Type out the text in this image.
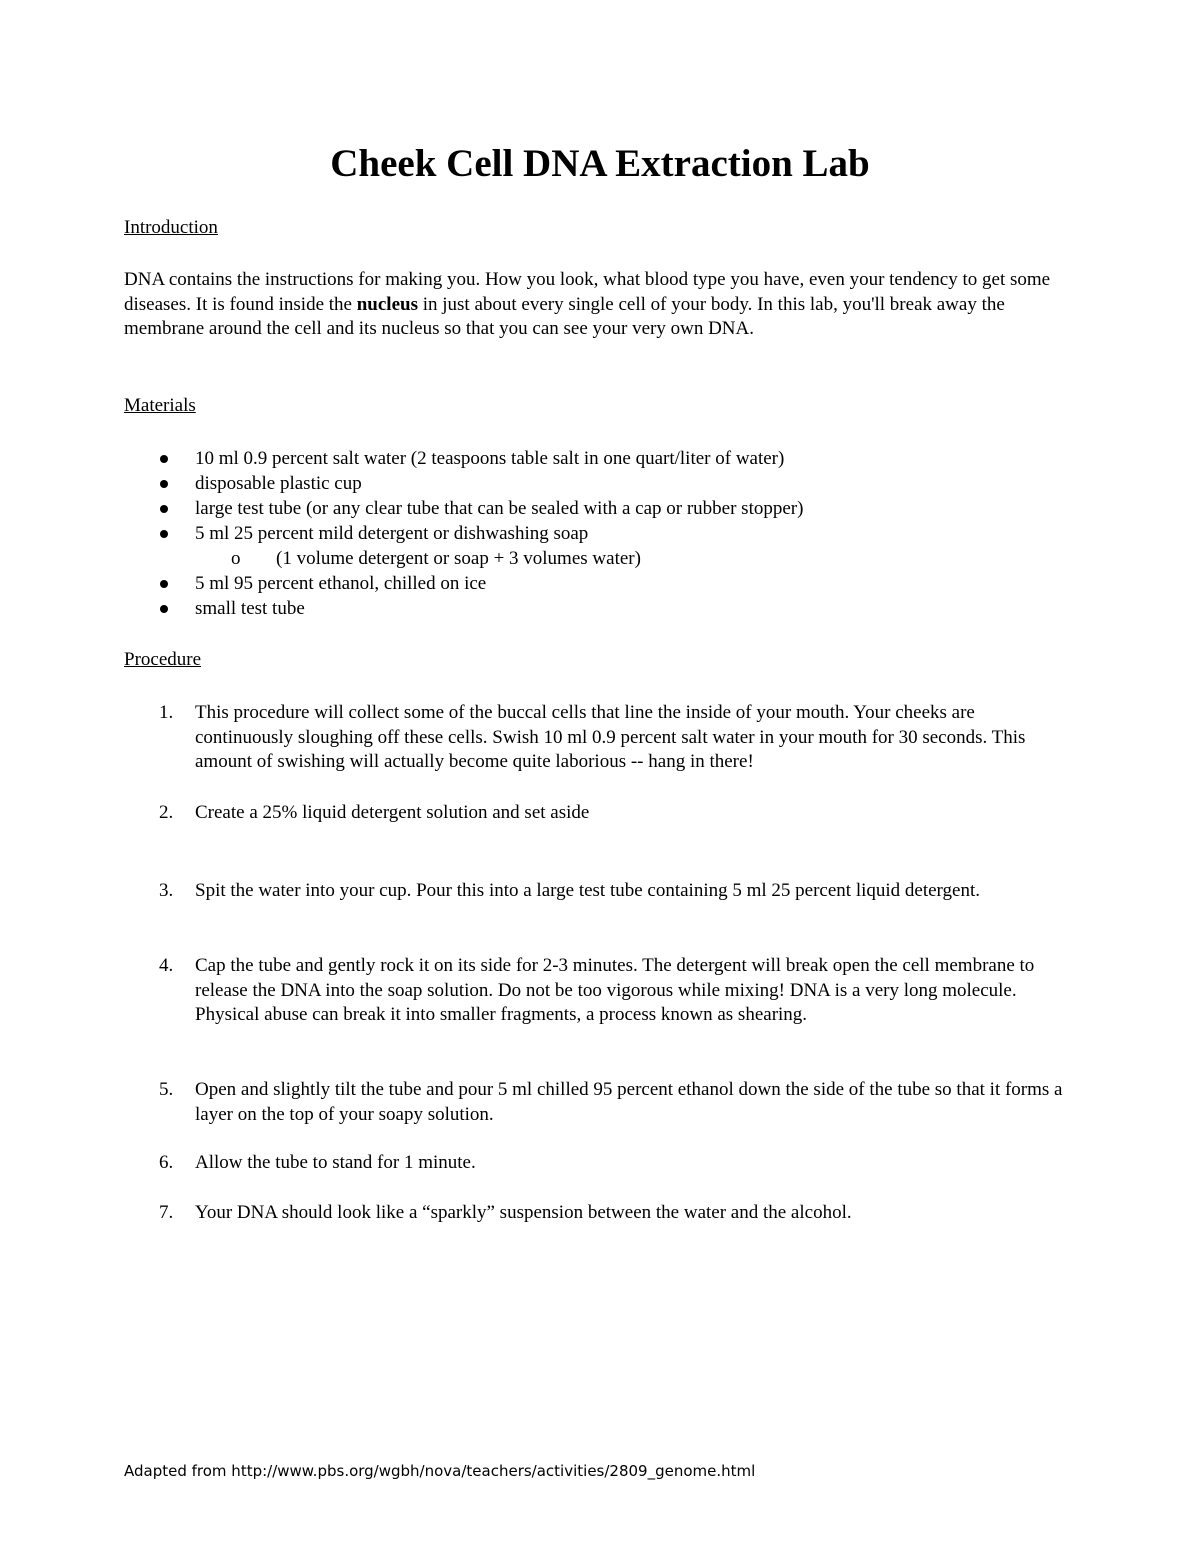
Cheek Cell DNA Extraction Lab

Introduction

DNA contains the instructions for making you. How you look, what blood type you have, even your tendency to get some diseases. It is found inside the nucleus in just about every single cell of your body. In this lab, you'll break away the membrane around the cell and its nucleus so that you can see your very own DNA.

Materials

10 ml 0.9 percent salt water (2 teaspoons table salt in one quart/liter of water)
disposable plastic cup
large test tube (or any clear tube that can be sealed with a cap or rubber stopper)
5 ml 25 percent mild detergent or dishwashing soap
o (1 volume detergent or soap + 3 volumes water)
5 ml 95 percent ethanol, chilled on ice
small test tube

Procedure

1. This procedure will collect some of the buccal cells that line the inside of your mouth. Your cheeks are continuously sloughing off these cells. Swish 10 ml 0.9 percent salt water in your mouth for 30 seconds. This amount of swishing will actually become quite laborious -- hang in there!
2. Create a 25% liquid detergent solution and set aside
3. Spit the water into your cup. Pour this into a large test tube containing 5 ml 25 percent liquid detergent.
4. Cap the tube and gently rock it on its side for 2-3 minutes. The detergent will break open the cell membrane to release the DNA into the soap solution. Do not be too vigorous while mixing! DNA is a very long molecule. Physical abuse can break it into smaller fragments, a process known as shearing.
5. Open and slightly tilt the tube and pour 5 ml chilled 95 percent ethanol down the side of the tube so that it forms a layer on the top of your soapy solution.
6. Allow the tube to stand for 1 minute.
7. Your DNA should look like a “sparkly” suspension between the water and the alcohol.

Adapted from http://www.pbs.org/wgbh/nova/teachers/activities/2809_genome.html
